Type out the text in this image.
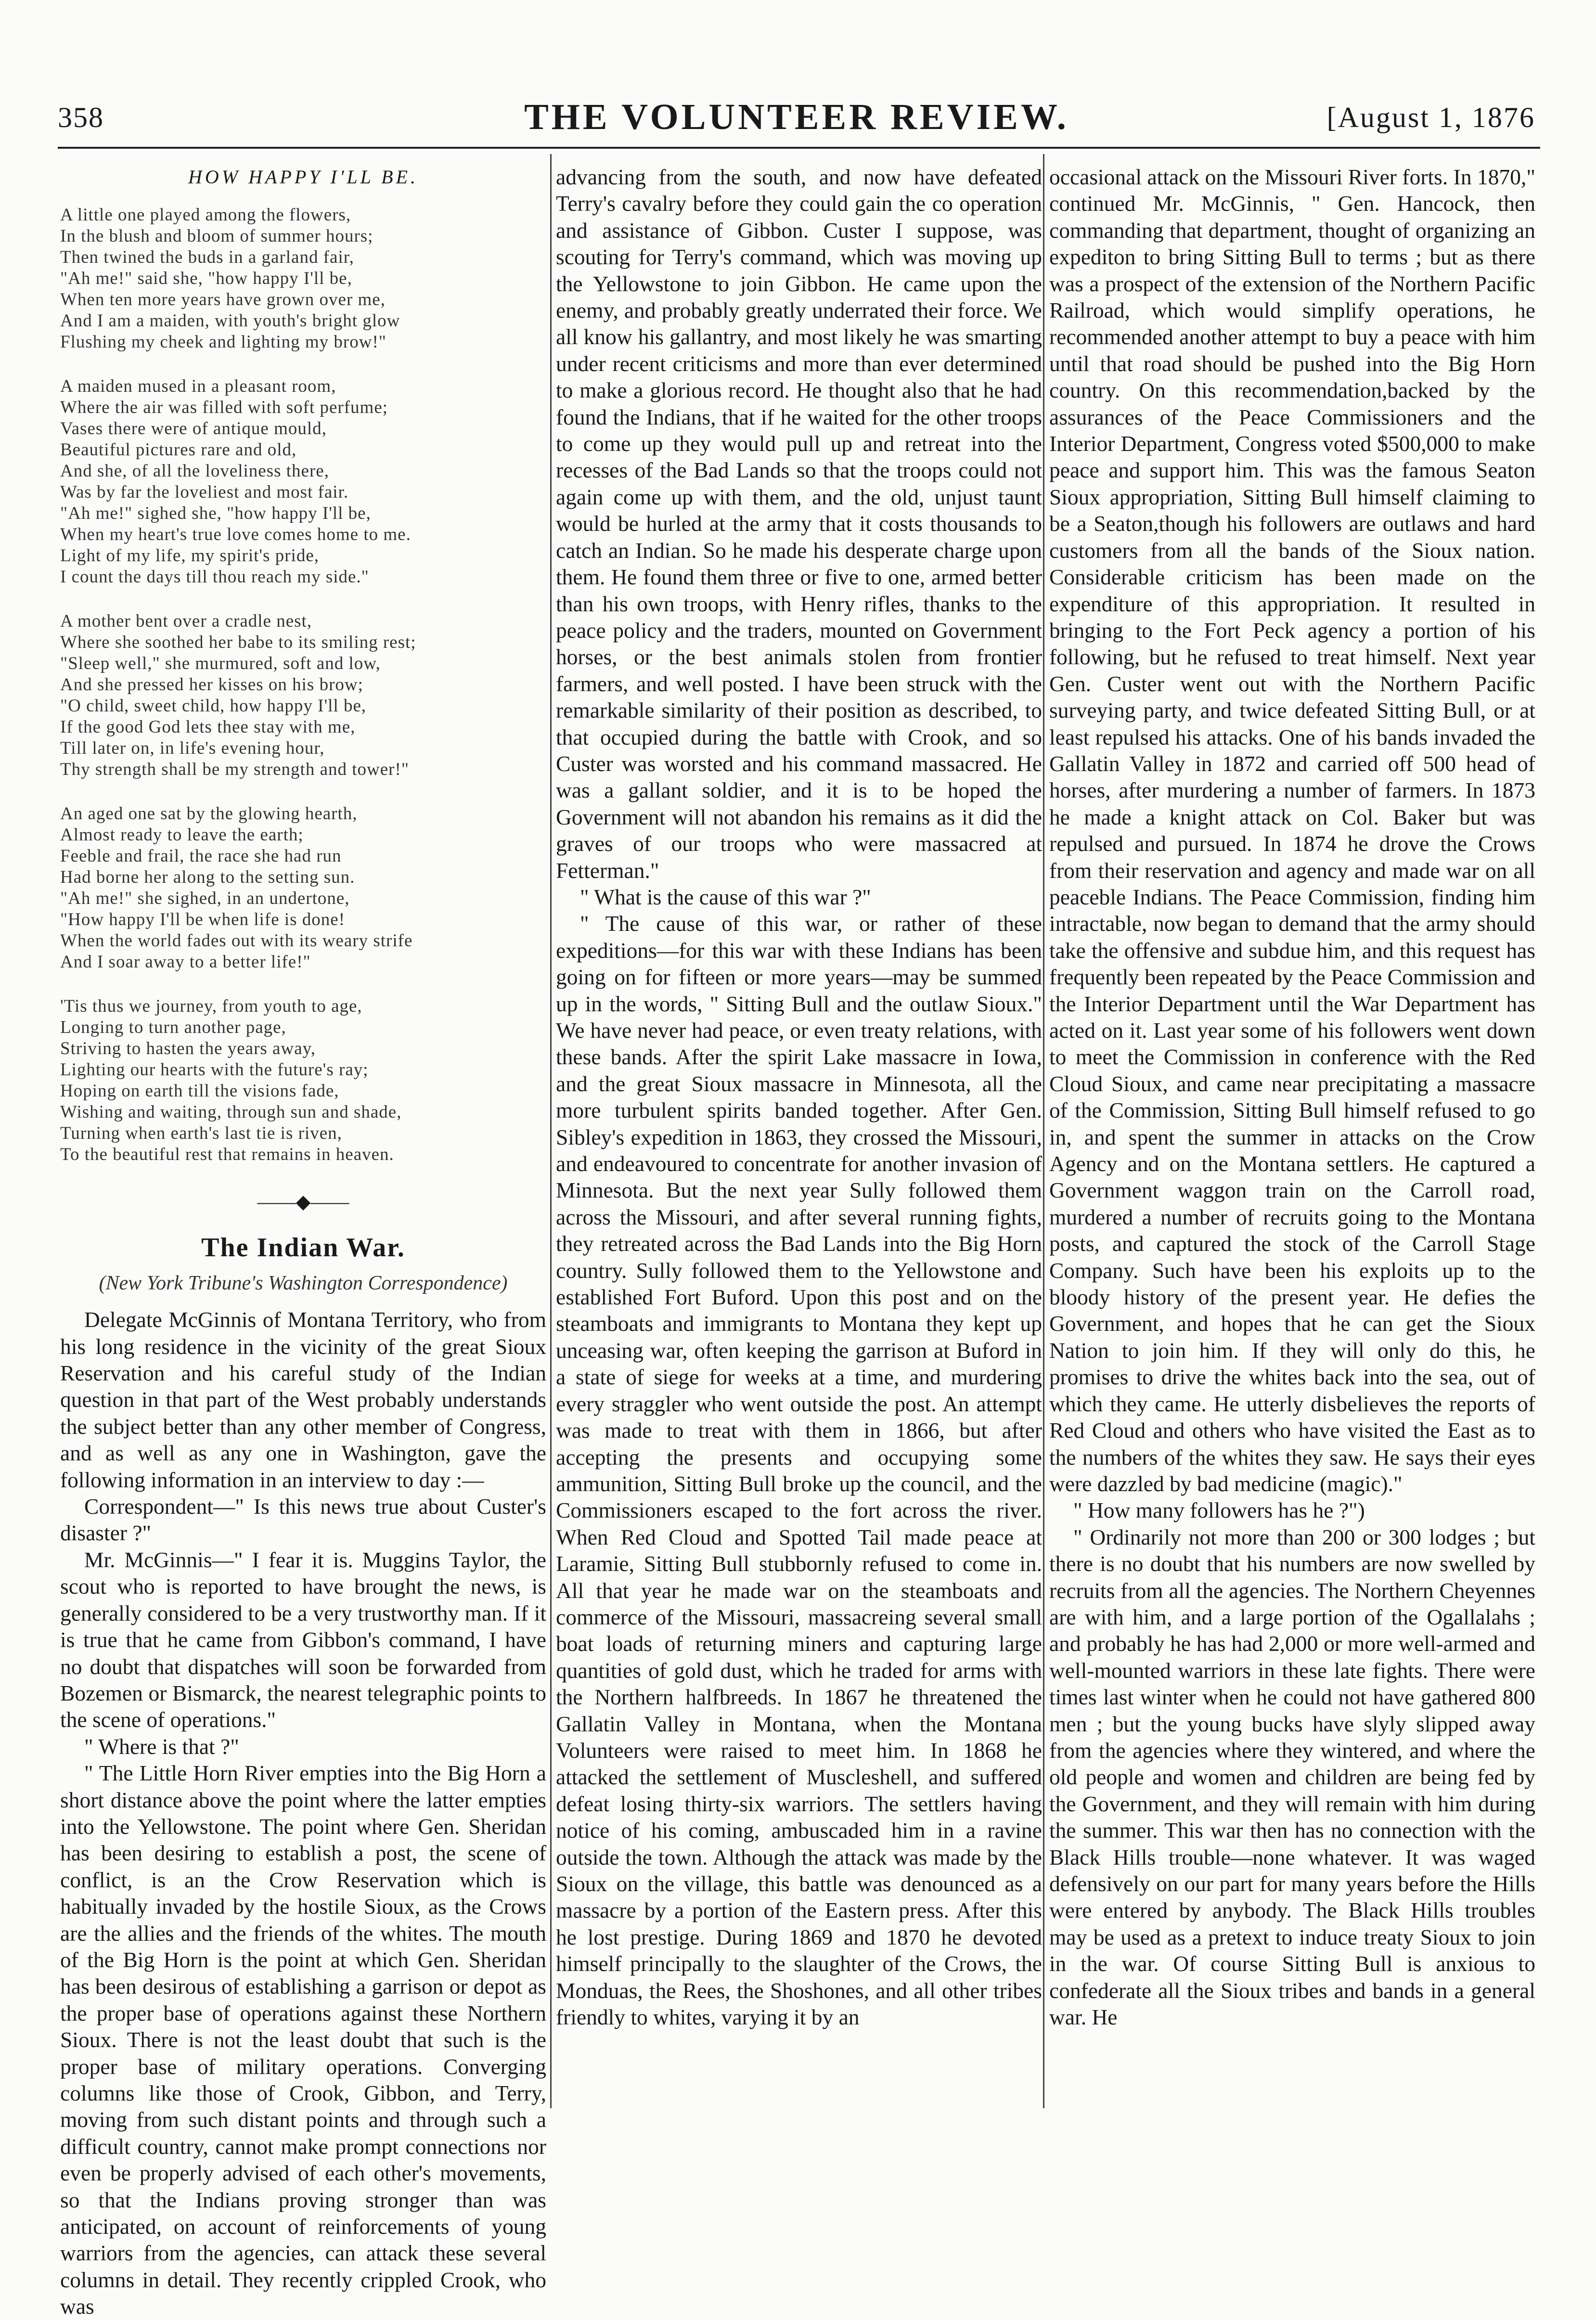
358	THE VOLUNTEER REVIEW.	[August 1, 1876
HOW HAPPY I'LL BE.
A little one played among the flowers,
In the blush and bloom of summer hours;
Then twined the buds in a garland fair,
"Ah me!" said she, "how happy I'll be,
When ten more years have grown over me,
And I am a maiden, with youth's bright glow
Flushing my cheek and lighting my brow!"
A maiden mused in a pleasant room,
Where the air was filled with soft perfume;
Vases there were of antique mould,
Beautiful pictures rare and old,
And she, of all the loveliness there,
Was by far the loveliest and most fair.
"Ah me!" sighed she, "how happy I'll be,
When my heart's true love comes home to me.
Light of my life, my spirit's pride,
I count the days till thou reach my side."
A mother bent over a cradle nest,
Where she soothed her babe to its smiling rest;
"Sleep well," she murmured, soft and low,
And she pressed her kisses on his brow;
"O child, sweet child, how happy I'll be,
If the good God lets thee stay with me,
Till later on, in life's evening hour,
Thy strength shall be my strength and tower!"
An aged one sat by the glowing hearth,
Almost ready to leave the earth;
Feeble and frail, the race she had run
Had borne her along to the setting sun.
"Ah me!" she sighed, in an undertone,
"How happy I'll be when life is done!
When the world fades out with its weary strife
And I soar away to a better life!"
'Tis thus we journey, from youth to age,
Longing to turn another page,
Striving to hasten the years away,
Lighting our hearts with the future's ray;
Hoping on earth till the visions fade,
Wishing and waiting, through sun and shade,
Turning when earth's last tie is riven,
To the beautiful rest that remains in heaven.
——◆——
The Indian War.
(New York Tribune's Washington Correspondence)

Delegate McGinnis of Montana Territory, who from his long residence in the vicinity of the great Sioux Reservation and his careful study of the Indian question in that part of the West probably understands the subject better than any other member of Congress, and as well as any one in Washington, gave the following information in an interview to day :—

Correspondent—" Is this news true about Custer's disaster ?"

Mr. McGinnis—" I fear it is. Muggins Taylor, the scout who is reported to have brought the news, is generally considered to be a very trustworthy man. If it is true that he came from Gibbon's command, I have no doubt that dispatches will soon be forwarded from Bozemen or Bismarck, the nearest telegraphic points to the scene of operations."

" Where is that ?"

" The Little Horn River empties into the Big Horn a short distance above the point where the latter empties into the Yellowstone. The point where Gen. Sheridan has been desiring to establish a post, the scene of conflict, is an the Crow Reservation which is habitually invaded by the hostile Sioux, as the Crows are the allies and the friends of the whites. The mouth of the Big Horn is the point at which Gen. Sheridan has been desirous of establishing a garrison or depot as the proper base of operations against these Northern Sioux. There is not the least doubt that such is the proper base of military operations. Converging columns like those of Crook, Gibbon, and Terry, moving from such distant points and through such a difficult country, cannot make prompt connections nor even be properly advised of each other's movements, so that the Indians proving stronger than was anticipated, on account of reinforcements of young warriors from the agencies, can attack these several columns in detail. They recently crippled Crook, who was

advancing from the south, and now have defeated Terry's cavalry before they could gain the co operation and assistance of Gibbon. Custer I suppose, was scouting for Terry's command, which was moving up the Yellowstone to join Gibbon. He came upon the enemy, and probably greatly underrated their force. We all know his gallantry, and most likely he was smarting under recent criticisms and more than ever determined to make a glorious record. He thought also that he had found the Indians, that if he waited for the other troops to come up they would pull up and retreat into the recesses of the Bad Lands so that the troops could not again come up with them, and the old, unjust taunt would be hurled at the army that it costs thousands to catch an Indian. So he made his desperate charge upon them. He found them three or five to one, armed better than his own troops, with Henry rifles, thanks to the peace policy and the traders, mounted on Government horses, or the best animals stolen from frontier farmers, and well posted. I have been struck with the remarkable similarity of their position as described, to that occupied during the battle with Crook, and so Custer was worsted and his command massacred. He was a gallant soldier, and it is to be hoped the Government will not abandon his remains as it did the graves of our troops who were massacred at Fetterman."

" What is the cause of this war ?"

" The cause of this war, or rather of these expeditions—for this war with these Indians has been going on for fifteen or more years—may be summed up in the words, " Sitting Bull and the outlaw Sioux." We have never had peace, or even treaty relations, with these bands. After the spirit Lake massacre in Iowa, and the great Sioux massacre in Minnesota, all the more turbulent spirits banded together. After Gen. Sibley's expedition in 1863, they crossed the Missouri, and endeavoured to concentrate for another invasion of Minnesota. But the next year Sully followed them across the Missouri, and after several running fights, they retreated across the Bad Lands into the Big Horn country. Sully followed them to the Yellowstone and established Fort Buford. Upon this post and on the steamboats and immigrants to Montana they kept up unceasing war, often keeping the garrison at Buford in a state of siege for weeks at a time, and murdering every straggler who went outside the post. An attempt was made to treat with them in 1866, but after accepting the presents and occupying some ammunition, Sitting Bull broke up the council, and the Commissioners escaped to the fort across the river. When Red Cloud and Spotted Tail made peace at Laramie, Sitting Bull stubbornly refused to come in. All that year he made war on the steamboats and commerce of the Missouri, massacreing several small boat loads of returning miners and capturing large quantities of gold dust, which he traded for arms with the Northern halfbreeds. In 1867 he threatened the Gallatin Valley in Montana, when the Montana Volunteers were raised to meet him. In 1868 he attacked the settlement of Muscleshell, and suffered defeat losing thirty-six warriors. The settlers having notice of his coming, ambuscaded him in a ravine outside the town. Although the attack was made by the Sioux on the village, this battle was denounced as a massacre by a portion of the Eastern press. After this he lost prestige. During 1869 and 1870 he devoted himself principally to the slaughter of the Crows, the Monduas, the Rees, the Shoshones, and all other tribes friendly to whites, varying it by an

occasional attack on the Missouri River forts. In 1870," continued Mr. McGinnis, " Gen. Hancock, then commanding that department, thought of organizing an expediton to bring Sitting Bull to terms ; but as there was a prospect of the extension of the Northern Pacific Railroad, which would simplify operations, he recommended another attempt to buy a peace with him until that road should be pushed into the Big Horn country. On this recommendation,backed by the assurances of the Peace Commissioners and the Interior Department, Congress voted $500,000 to make peace and support him. This was the famous Seaton Sioux appropriation, Sitting Bull himself claiming to be a Seaton,though his followers are outlaws and hard customers from all the bands of the Sioux nation. Considerable criticism has been made on the expenditure of this appropriation. It resulted in bringing to the Fort Peck agency a portion of his following, but he refused to treat himself. Next year Gen. Custer went out with the Northern Pacific surveying party, and twice defeated Sitting Bull, or at least repulsed his attacks. One of his bands invaded the Gallatin Valley in 1872 and carried off 500 head of horses, after murdering a number of farmers. In 1873 he made a knight attack on Col. Baker but was repulsed and pursued. In 1874 he drove the Crows from their reservation and agency and made war on all peaceble Indians. The Peace Commission, finding him intractable, now began to demand that the army should take the offensive and subdue him, and this request has frequently been repeated by the Peace Commission and the Interior Department until the War Department has acted on it. Last year some of his followers went down to meet the Commission in conference with the Red Cloud Sioux, and came near precipitating a massacre of the Commission, Sitting Bull himself refused to go in, and spent the summer in attacks on the Crow Agency and on the Montana settlers. He captured a Government waggon train on the Carroll road, murdered a number of recruits going to the Montana posts, and captured the stock of the Carroll Stage Company. Such have been his exploits up to the bloody history of the present year. He defies the Government, and hopes that he can get the Sioux Nation to join him. If they will only do this, he promises to drive the whites back into the sea, out of which they came. He utterly disbelieves the reports of Red Cloud and others who have visited the East as to the numbers of the whites they saw. He says their eyes were dazzled by bad medicine (magic)."

" How many followers has he ?")

" Ordinarily not more than 200 or 300 lodges ; but there is no doubt that his numbers are now swelled by recruits from all the agencies. The Northern Cheyennes are with him, and a large portion of the Ogallalahs ; and probably he has had 2,000 or more well-armed and well-mounted warriors in these late fights. There were times last winter when he could not have gathered 800 men ; but the young bucks have slyly slipped away from the agencies where they wintered, and where the old people and women and children are being fed by the Government, and they will remain with him during the summer. This war then has no connection with the Black Hills trouble—none whatever. It was waged defensively on our part for many years before the Hills were entered by anybody. The Black Hills troubles may be used as a pretext to induce treaty Sioux to join in the war. Of course Sitting Bull is anxious to confederate all the Sioux tribes and bands in a general war. He
